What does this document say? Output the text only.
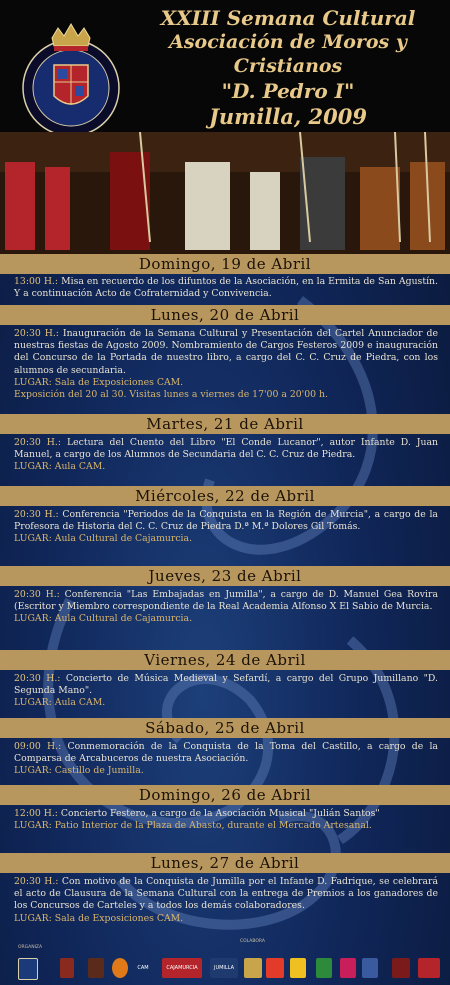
XXIII Semana Cultural
Asociación de Moros y Cristianos
"D. Pedro I"
Jumilla, 2009
Domingo, 19 de Abril
13:00 H.: Misa en recuerdo de los difuntos de la Asociación, en la Ermita de San Agustín. Y a continuación Acto de Cofraternidad y Convivencia.
Lunes, 20 de Abril
20:30 H.: Inauguración de la Semana Cultural y Presentación del Cartel Anunciador de nuestras fiestas de Agosto 2009. Nombramiento de Cargos Festeros 2009 e inauguración del Concurso de la Portada de nuestro libro, a cargo del C. C. Cruz de Piedra, con los alumnos de secundaria.
LUGAR: Sala de Exposiciones CAM.
Exposición del 20 al 30. Visitas lunes a viernes de 17'00 a 20'00 h.
Martes, 21 de Abril
20:30 H.: Lectura del Cuento del Libro "El Conde Lucanor", autor Infante D. Juan Manuel, a cargo de los Alumnos de Secundaria del C. C. Cruz de Piedra.
LUGAR: Aula CAM.
Miércoles, 22 de Abril
20:30 H.: Conferencia "Periodos de la Conquista en la Región de Murcia", a cargo de la Profesora de Historia del C. C. Cruz de Piedra D.ª M.ª Dolores Gil Tomás.
LUGAR: Aula Cultural de Cajamurcia.
Jueves, 23 de Abril
20:30 H.: Conferencia "Las Embajadas en Jumilla", a cargo de D. Manuel Gea Rovira (Escritor y Miembro correspondiente de la Real Academia Alfonso X El Sabio de Murcia.
LUGAR: Aula Cultural de Cajamurcia.
Viernes, 24 de Abril
20:30 H.: Concierto de Música Medieval y Sefardí, a cargo del Grupo Jumillano "D. Segunda Mano".
LUGAR: Aula CAM.
Sábado, 25 de Abril
09:00 H.: Conmemoración de la Conquista de la Toma del Castillo, a cargo de la Comparsa de Arcabuceros de nuestra Asociación.
LUGAR: Castillo de Jumilla.
Domingo, 26 de Abril
12:00 H.: Concierto Festero, a cargo de la Asociación Musical "Julián Santos"
LUGAR: Patio Interior de la Plaza de Abasto, durante el Mercado Artesanal.
Lunes, 27 de Abril
20:30 H.: Con motivo de la Conquista de Jumilla por el Infante D. Fadrique, se celebrará el acto de Clausura de la Semana Cultural con la entrega de Premios a los ganadores de los Concursos de Carteles y a todos los demás colaboradores.
LUGAR: Sala de Exposiciones CAM.
ORGANIZA
COLABORA
CAM	CAJAMURCIA	JUMILLA
